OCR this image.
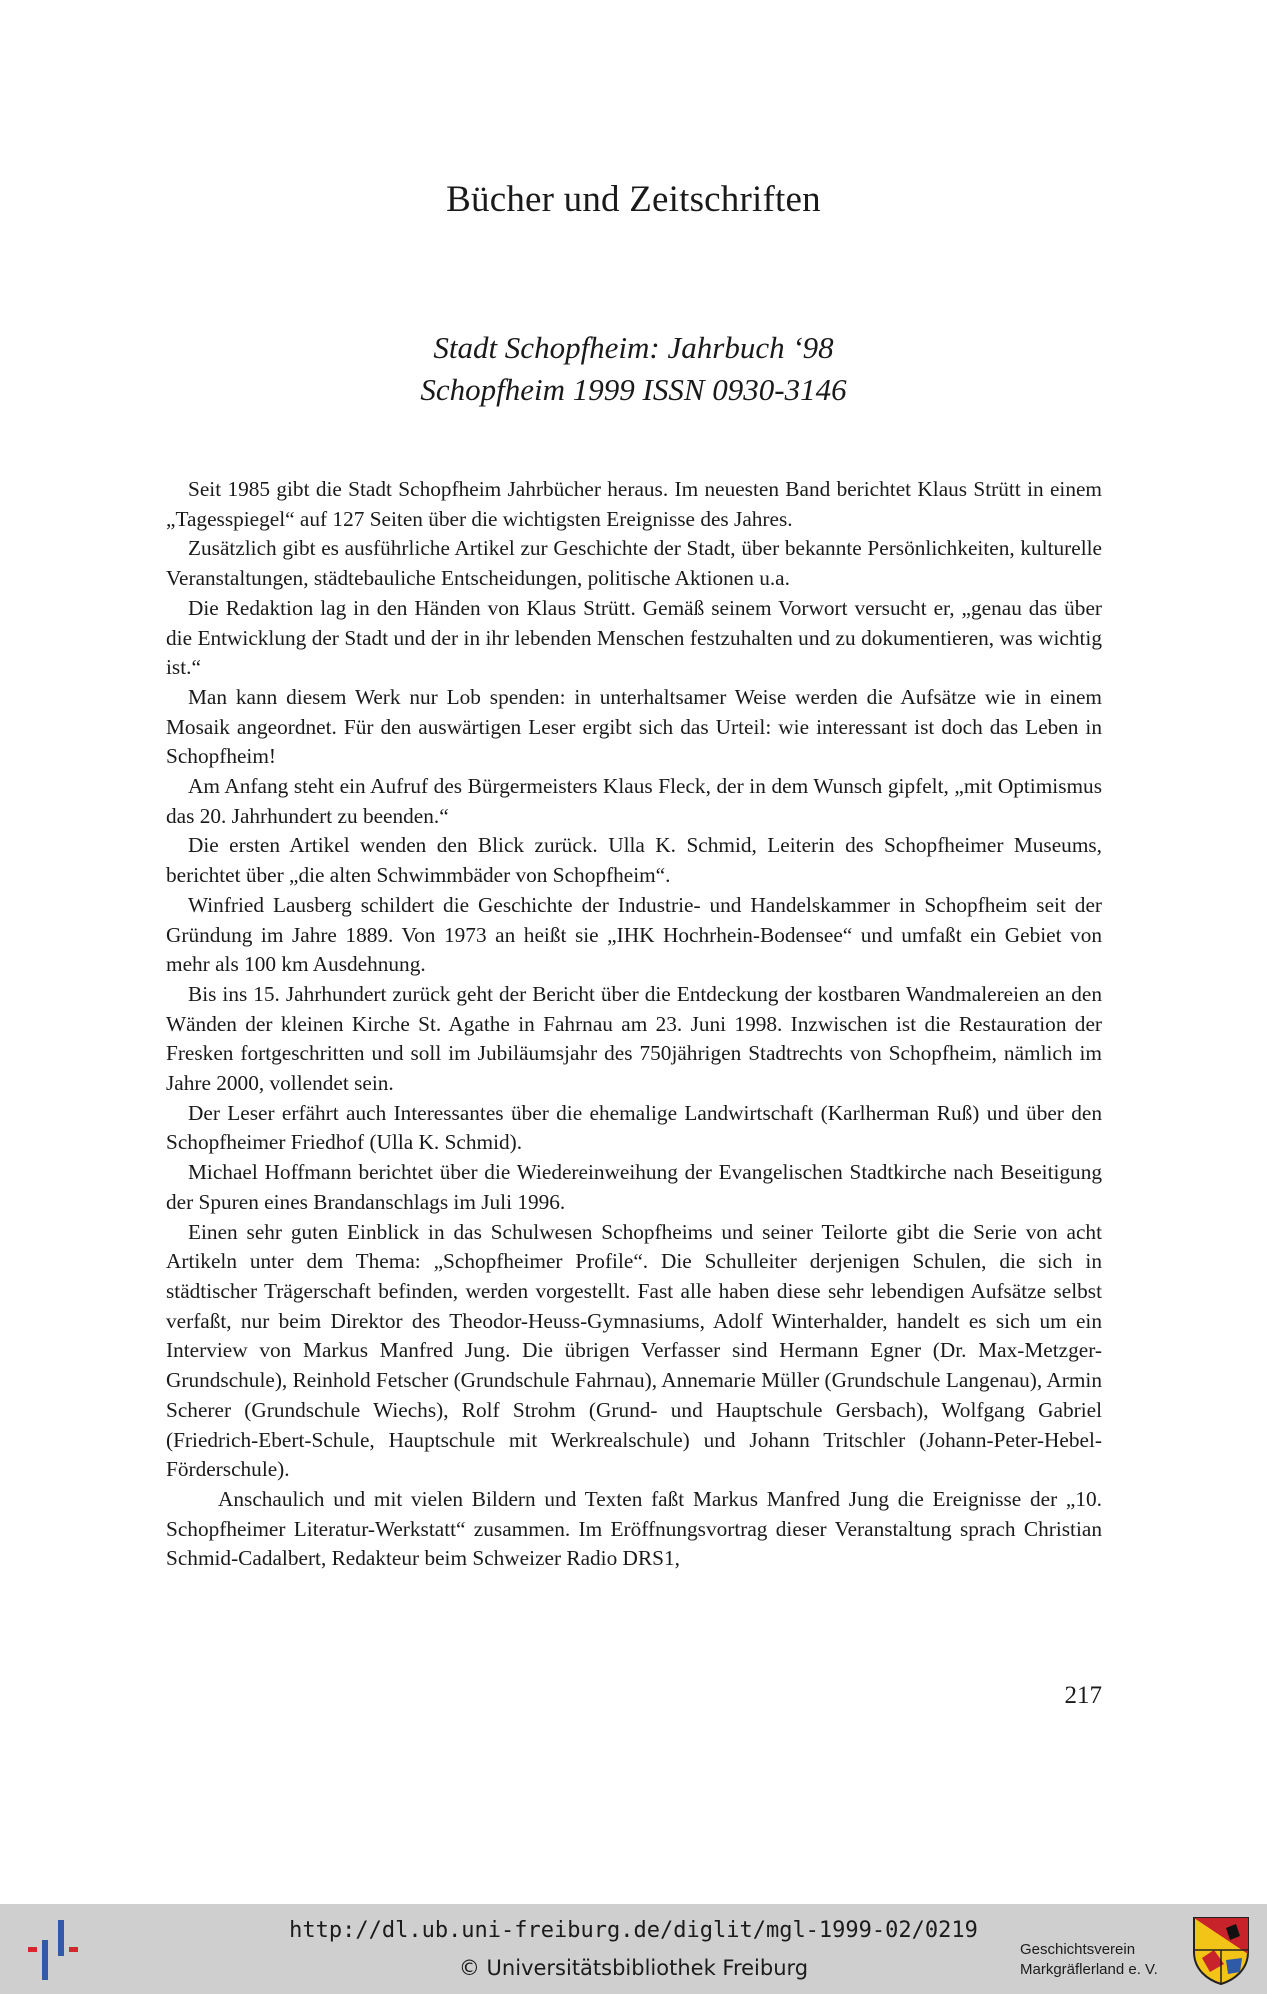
Bücher und Zeitschriften
Stadt Schopfheim: Jahrbuch ‘98
Schopfheim 1999 ISSN 0930-3146

Seit 1985 gibt die Stadt Schopfheim Jahrbücher heraus. Im neuesten Band berichtet Klaus Strütt in einem „Tagesspiegel“ auf 127 Seiten über die wichtigsten Ereignisse des Jahres.

Zusätzlich gibt es ausführliche Artikel zur Geschichte der Stadt, über bekannte Persönlichkeiten, kulturelle Veranstaltungen, städtebauliche Entscheidungen, politische Aktionen u.a.

Die Redaktion lag in den Händen von Klaus Strütt. Gemäß seinem Vorwort versucht er, „genau das über die Entwicklung der Stadt und der in ihr lebenden Menschen festzuhalten und zu dokumentieren, was wichtig ist.“

Man kann diesem Werk nur Lob spenden: in unterhaltsamer Weise werden die Aufsätze wie in einem Mosaik angeordnet. Für den auswärtigen Leser ergibt sich das Urteil: wie interessant ist doch das Leben in Schopfheim!

Am Anfang steht ein Aufruf des Bürgermeisters Klaus Fleck, der in dem Wunsch gipfelt, „mit Optimismus das 20. Jahrhundert zu beenden.“

Die ersten Artikel wenden den Blick zurück. Ulla K. Schmid, Leiterin des Schopfheimer Museums, berichtet über „die alten Schwimmbäder von Schopfheim“.

Winfried Lausberg schildert die Geschichte der Industrie- und Handelskammer in Schopfheim seit der Gründung im Jahre 1889. Von 1973 an heißt sie „IHK Hochrhein-Bodensee“ und umfaßt ein Gebiet von mehr als 100 km Ausdehnung.

Bis ins 15. Jahrhundert zurück geht der Bericht über die Entdeckung der kostbaren Wandmalereien an den Wänden der kleinen Kirche St. Agathe in Fahrnau am 23. Juni 1998. Inzwischen ist die Restauration der Fresken fortgeschritten und soll im Jubiläumsjahr des 750jährigen Stadtrechts von Schopfheim, nämlich im Jahre 2000, vollendet sein.

Der Leser erfährt auch Interessantes über die ehemalige Landwirtschaft (Karlherman Ruß) und über den Schopfheimer Friedhof (Ulla K. Schmid).

Michael Hoffmann berichtet über die Wiedereinweihung der Evangelischen Stadtkirche nach Beseitigung der Spuren eines Brandanschlags im Juli 1996.

Einen sehr guten Einblick in das Schulwesen Schopfheims und seiner Teilorte gibt die Serie von acht Artikeln unter dem Thema: „Schopfheimer Profile“. Die Schulleiter derjenigen Schulen, die sich in städtischer Trägerschaft befinden, werden vorgestellt. Fast alle haben diese sehr lebendigen Aufsätze selbst verfaßt, nur beim Direktor des Theodor-Heuss-Gymnasiums, Adolf Winterhalder, handelt es sich um ein Interview von Markus Manfred Jung. Die übrigen Verfasser sind Hermann Egner (Dr. Max-Metzger-Grundschule), Reinhold Fetscher (Grundschule Fahrnau), Annemarie Müller (Grundschule Langenau), Armin Scherer (Grundschule Wiechs), Rolf Strohm (Grund- und Hauptschule Gersbach), Wolfgang Gabriel (Friedrich-Ebert-Schule, Hauptschule mit Werkrealschule) und Johann Tritschler (Johann-Peter-Hebel-Förderschule).

Anschaulich und mit vielen Bildern und Texten faßt Markus Manfred Jung die Ereignisse der „10. Schopfheimer Literatur-Werkstatt“ zusammen. Im Eröffnungsvortrag dieser Veranstaltung sprach Christian Schmid-Cadalbert, Redakteur beim Schweizer Radio DRS1,

217
http://dl.ub.uni-freiburg.de/diglit/mgl-1999-02/0219
© Universitätsbibliothek Freiburg
Geschichtsverein
Markgräflerland e. V.
